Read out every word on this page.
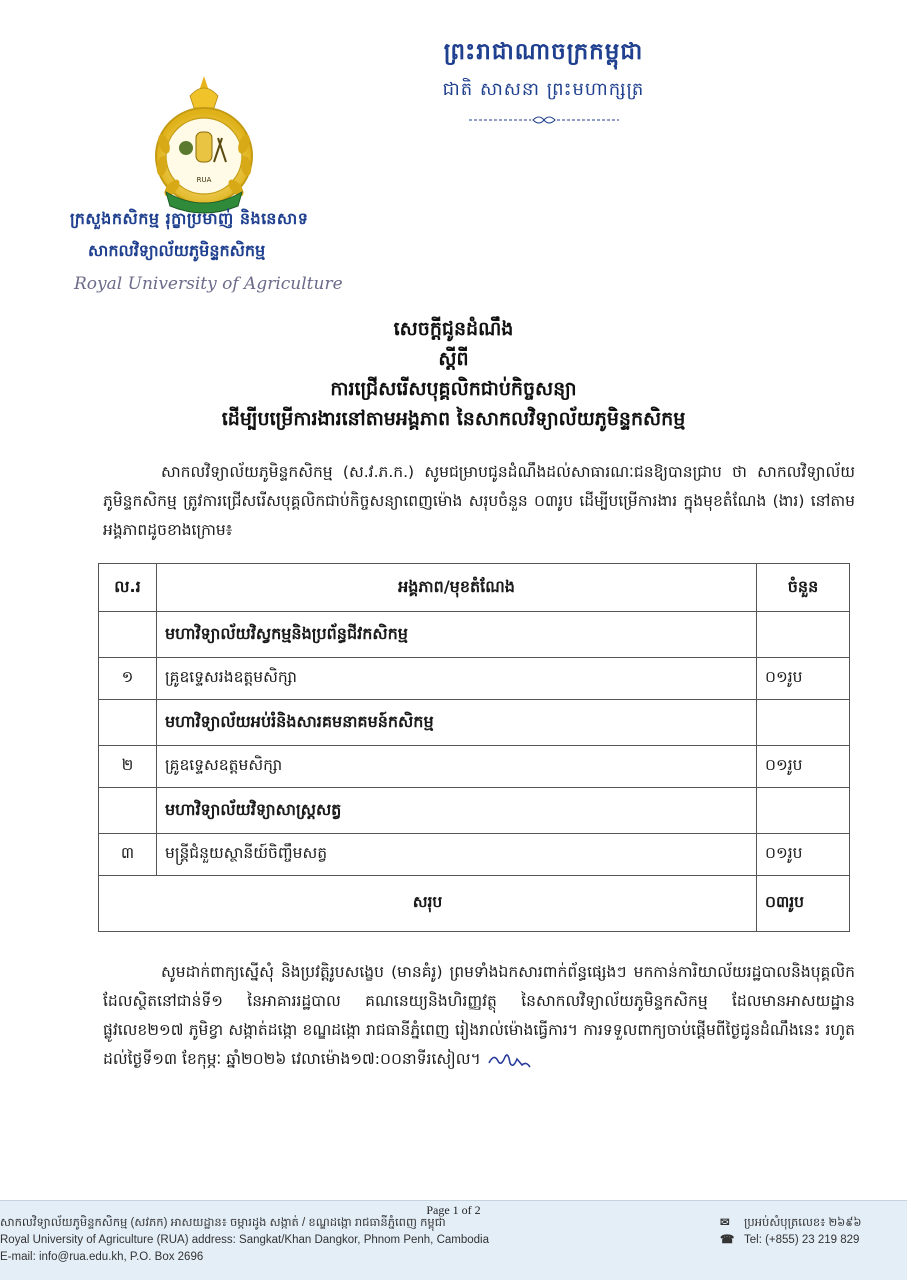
ព្រះរាជាណាចក្រកម្ពុជា
ជាតិ សាសនា ព្រះមហាក្សត្រ
RUA
ក្រសួងកសិកម្ម រុក្ខាប្រមាញ់ និងនេសាទ
សាកលវិទ្យាល័យភូមិន្ទកសិកម្ម
Royal University of Agriculture
សេចក្តីជូនដំណឹង
ស្តីពី
ការជ្រើសរើសបុគ្គលិកជាប់កិច្ចសន្យា
ដើម្បីបម្រើការងារនៅតាមអង្គភាព នៃសាកលវិទ្យាល័យភូមិន្ទកសិកម្ម
សាកលវិទ្យាល័យភូមិន្ទកសិកម្ម (ស.វ.ភ.ក.) សូមជម្រាបជូនដំណឹងដល់សាធារណៈជនឱ្យបានជ្រាប ថា សាកលវិទ្យាល័យភូមិន្ទកសិកម្ម ត្រូវការជ្រើសរើសបុគ្គលិកជាប់កិច្ចសន្យាពេញម៉ោង សរុបចំនួន ០៣រូប ដើម្បីបម្រើការងារ ក្នុងមុខតំណែង (ងារ) នៅតាមអង្គភាពដូចខាងក្រោម៖
ល.រ	អង្គភាព/មុខតំណែង	ចំនួន
	មហាវិទ្យាល័យវិស្វកម្មនិងប្រព័ន្ធជីវកសិកម្ម	
១	គ្រូឧទ្ទេសរងឧត្តមសិក្សា	០១រូប
	មហាវិទ្យាល័យអប់រំនិងសារគមនាគមន៍កសិកម្ម	
២	គ្រូឧទ្ទេសឧត្តមសិក្សា	០១រូប
	មហាវិទ្យាល័យវិទ្យាសាស្ត្រសត្វ	
៣	មន្ត្រីជំនួយស្ថានីយ៍ចិញ្ចឹមសត្វ	០១រូប
សរុប		០៣រូប
សូមដាក់ពាក្យស្នើសុំ និងប្រវត្តិរូបសង្ខេប (មានគំរូ) ព្រមទាំងឯកសារពាក់ព័ន្ធផ្សេងៗ មកកាន់ការិយាល័យរដ្ឋបាលនិងបុគ្គលិក ដែលស្ថិតនៅជាន់ទី១ នៃអាគាររដ្ឋបាល គណនេយ្យនិងហិរញ្ញវត្ថុ នៃសាកលវិទ្យាល័យភូមិន្ទកសិកម្ម ដែលមានអាសយដ្ឋានផ្លូវលេខ២១៧ ភូមិខ្វា សង្កាត់ដង្កោ ខណ្ឌដង្កោ រាជធានីភ្នំពេញ រៀងរាល់ម៉ោងធ្វើការ។ ការទទួលពាក្យចាប់ផ្តើមពីថ្ងៃជូនដំណឹងនេះ រហូតដល់ថ្ងៃទី១៣ ខែកុម្ភៈ ឆ្នាំ២០២៦ វេលាម៉ោង១៧:០០នាទីរសៀល។
សាកលវិទ្យាល័យភូមិន្ទកសិកម្ម (សវភក) អាសយដ្ឋាន៖ ចម្ការដូង សង្កាត់ / ខណ្ឌដង្កោ រាជធានីភ្នំពេញ កម្ពុជា
Royal University of Agriculture (RUA) address: Sangkat/Khan Dangkor, Phnom Penh, Cambodia
E-mail: info@rua.edu.kh, P.O. Box 2696
✉ ប្រអប់សំបុត្រលេខ៖ ២៦៩៦
☎ Tel: (+855) 23 219 829
Page 1 of 2
